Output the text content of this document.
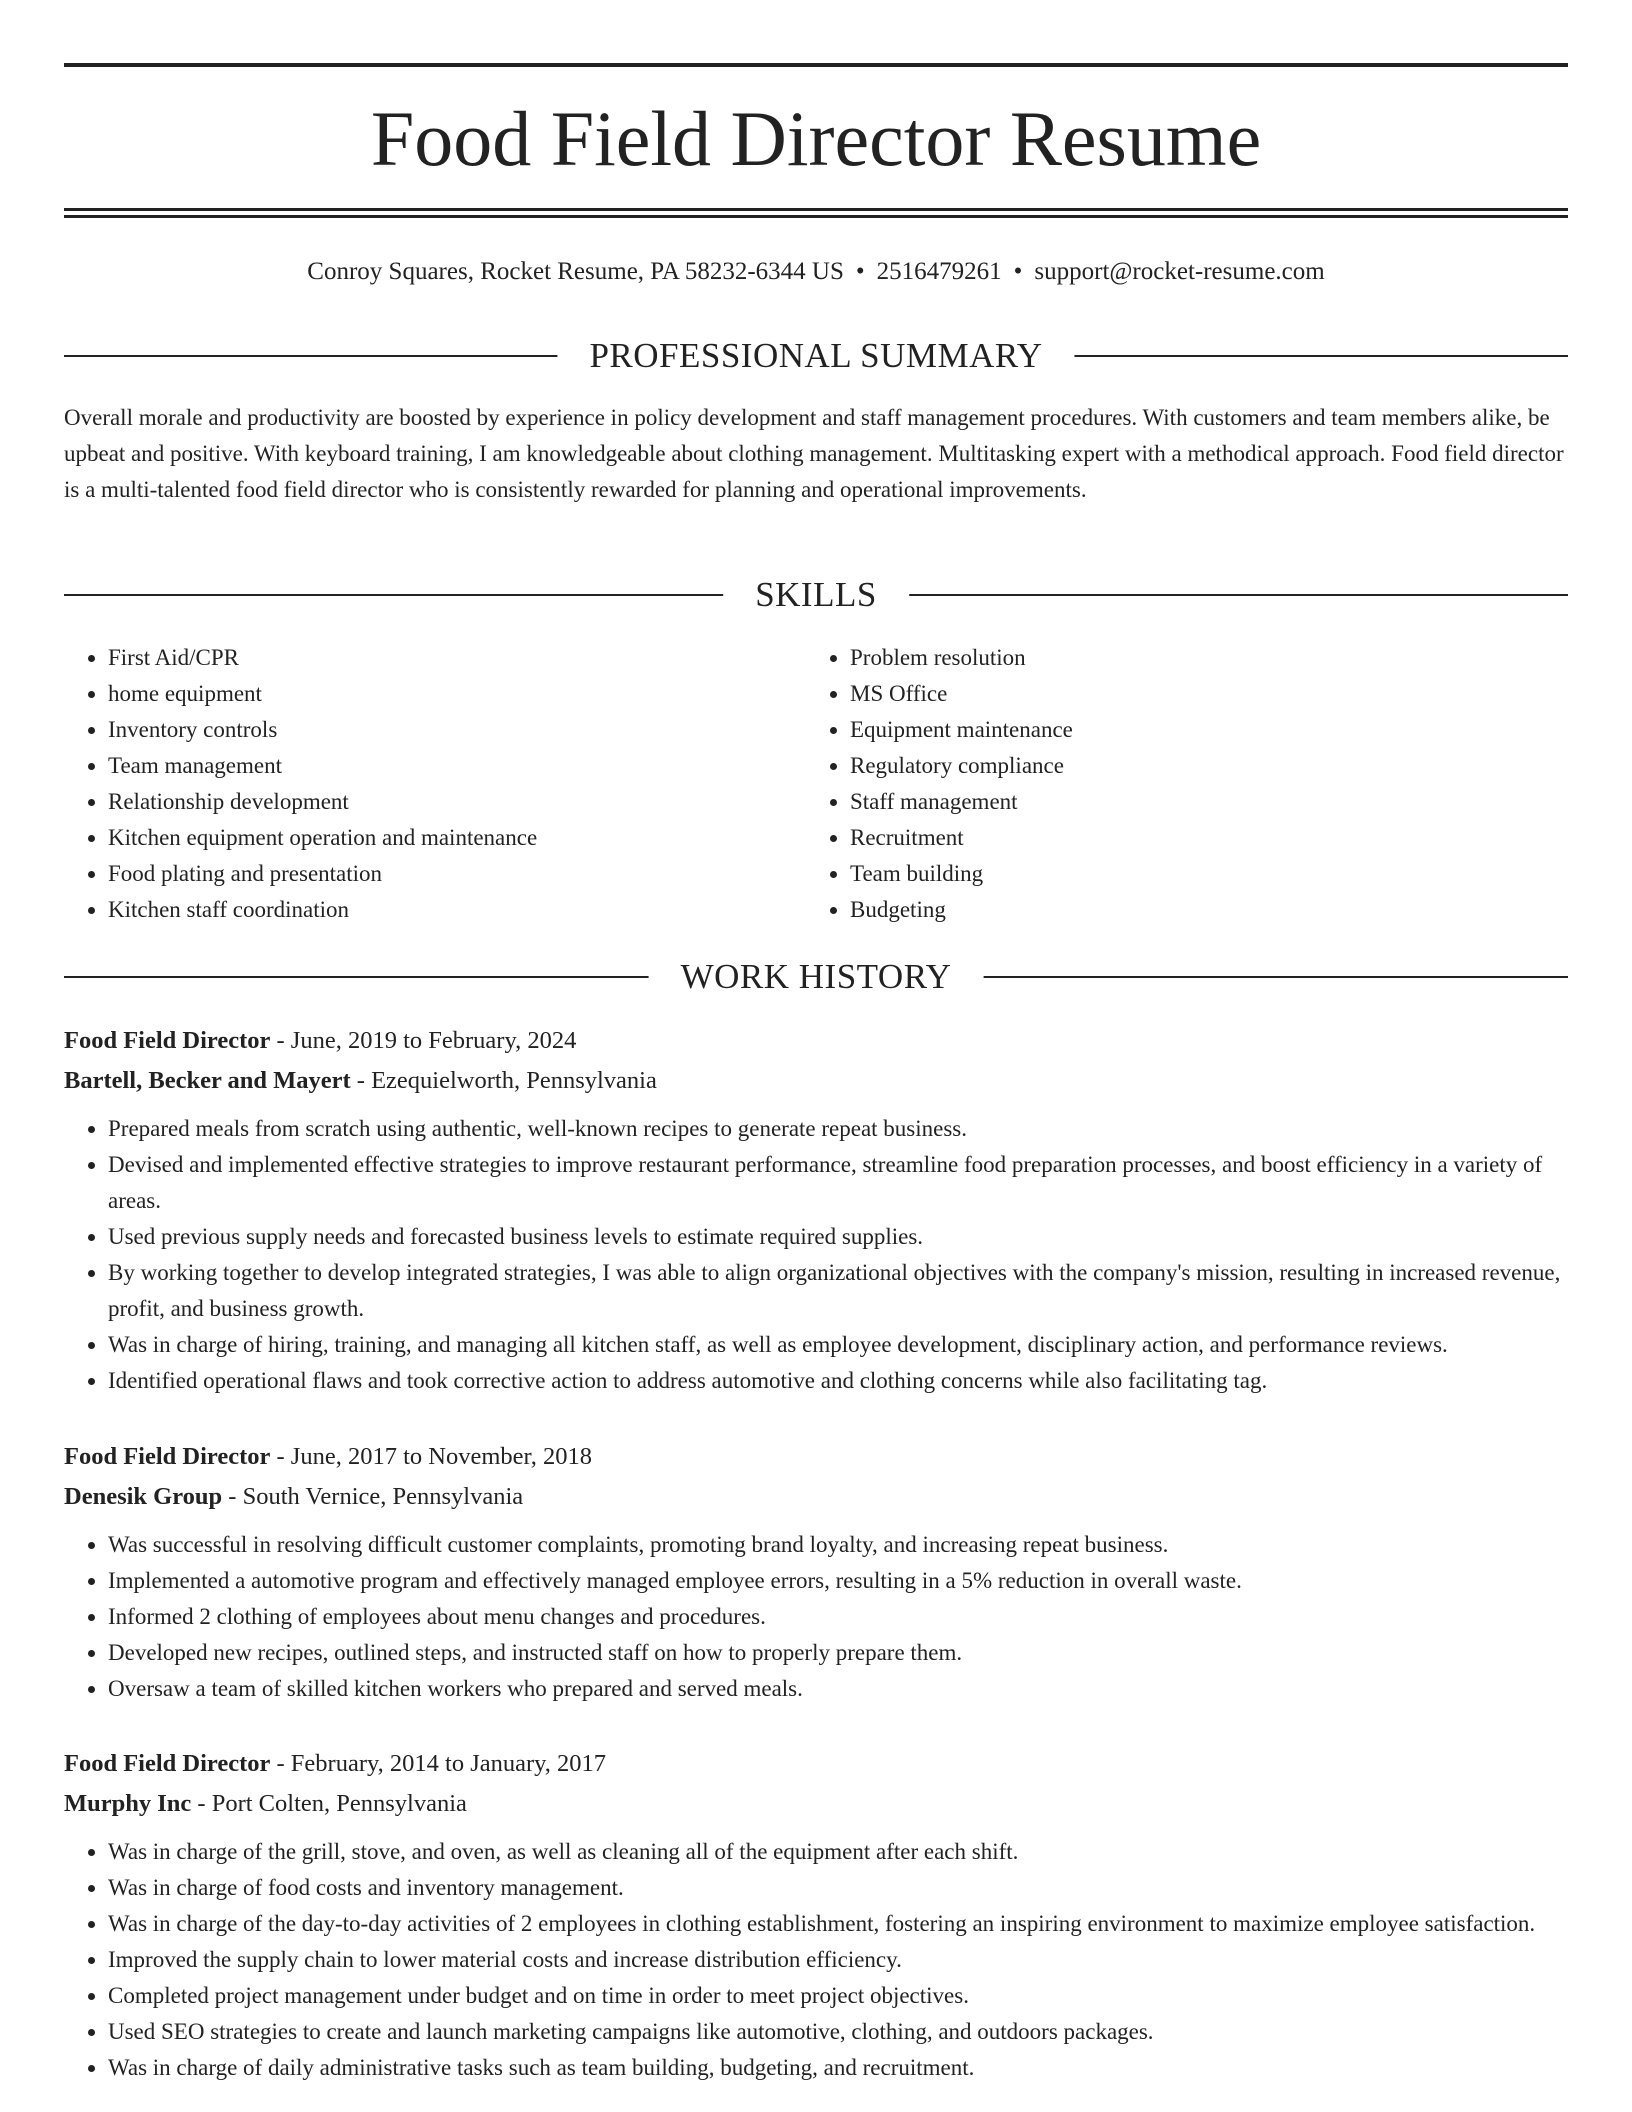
Food Field Director Resume
Conroy Squares, Rocket Resume, PA 58232-6344 US • 2516479261 • support@rocket-resume.com
PROFESSIONAL SUMMARY

Overall morale and productivity are boosted by experience in policy development and staff management procedures. With customers and team members alike, be upbeat and positive. With keyboard training, I am knowledgeable about clothing management. Multitasking expert with a methodical approach. Food field director is a multi-talented food field director who is consistently rewarded for planning and operational improvements.

SKILLS
• First Aid/CPR
• home equipment
• Inventory controls
• Team management
• Relationship development
• Kitchen equipment operation and maintenance
• Food plating and presentation
• Kitchen staff coordination
• Problem resolution
• MS Office
• Equipment maintenance
• Regulatory compliance
• Staff management
• Recruitment
• Team building
• Budgeting
WORK HISTORY
Food Field Director - June, 2019 to February, 2024
Bartell, Becker and Mayert - Ezequielworth, Pennsylvania
• Prepared meals from scratch using authentic, well-known recipes to generate repeat business.
• Devised and implemented effective strategies to improve restaurant performance, streamline food preparation processes, and boost efficiency in a variety of areas.
• Used previous supply needs and forecasted business levels to estimate required supplies.
• By working together to develop integrated strategies, I was able to align organizational objectives with the company's mission, resulting in increased revenue, profit, and business growth.
• Was in charge of hiring, training, and managing all kitchen staff, as well as employee development, disciplinary action, and performance reviews.
• Identified operational flaws and took corrective action to address automotive and clothing concerns while also facilitating tag.
Food Field Director - June, 2017 to November, 2018
Denesik Group - South Vernice, Pennsylvania
• Was successful in resolving difficult customer complaints, promoting brand loyalty, and increasing repeat business.
• Implemented a automotive program and effectively managed employee errors, resulting in a 5% reduction in overall waste.
• Informed 2 clothing of employees about menu changes and procedures.
• Developed new recipes, outlined steps, and instructed staff on how to properly prepare them.
• Oversaw a team of skilled kitchen workers who prepared and served meals.
Food Field Director - February, 2014 to January, 2017
Murphy Inc - Port Colten, Pennsylvania
• Was in charge of the grill, stove, and oven, as well as cleaning all of the equipment after each shift.
• Was in charge of food costs and inventory management.
• Was in charge of the day-to-day activities of 2 employees in clothing establishment, fostering an inspiring environment to maximize employee satisfaction.
• Improved the supply chain to lower material costs and increase distribution efficiency.
• Completed project management under budget and on time in order to meet project objectives.
• Used SEO strategies to create and launch marketing campaigns like automotive, clothing, and outdoors packages.
• Was in charge of daily administrative tasks such as team building, budgeting, and recruitment.
